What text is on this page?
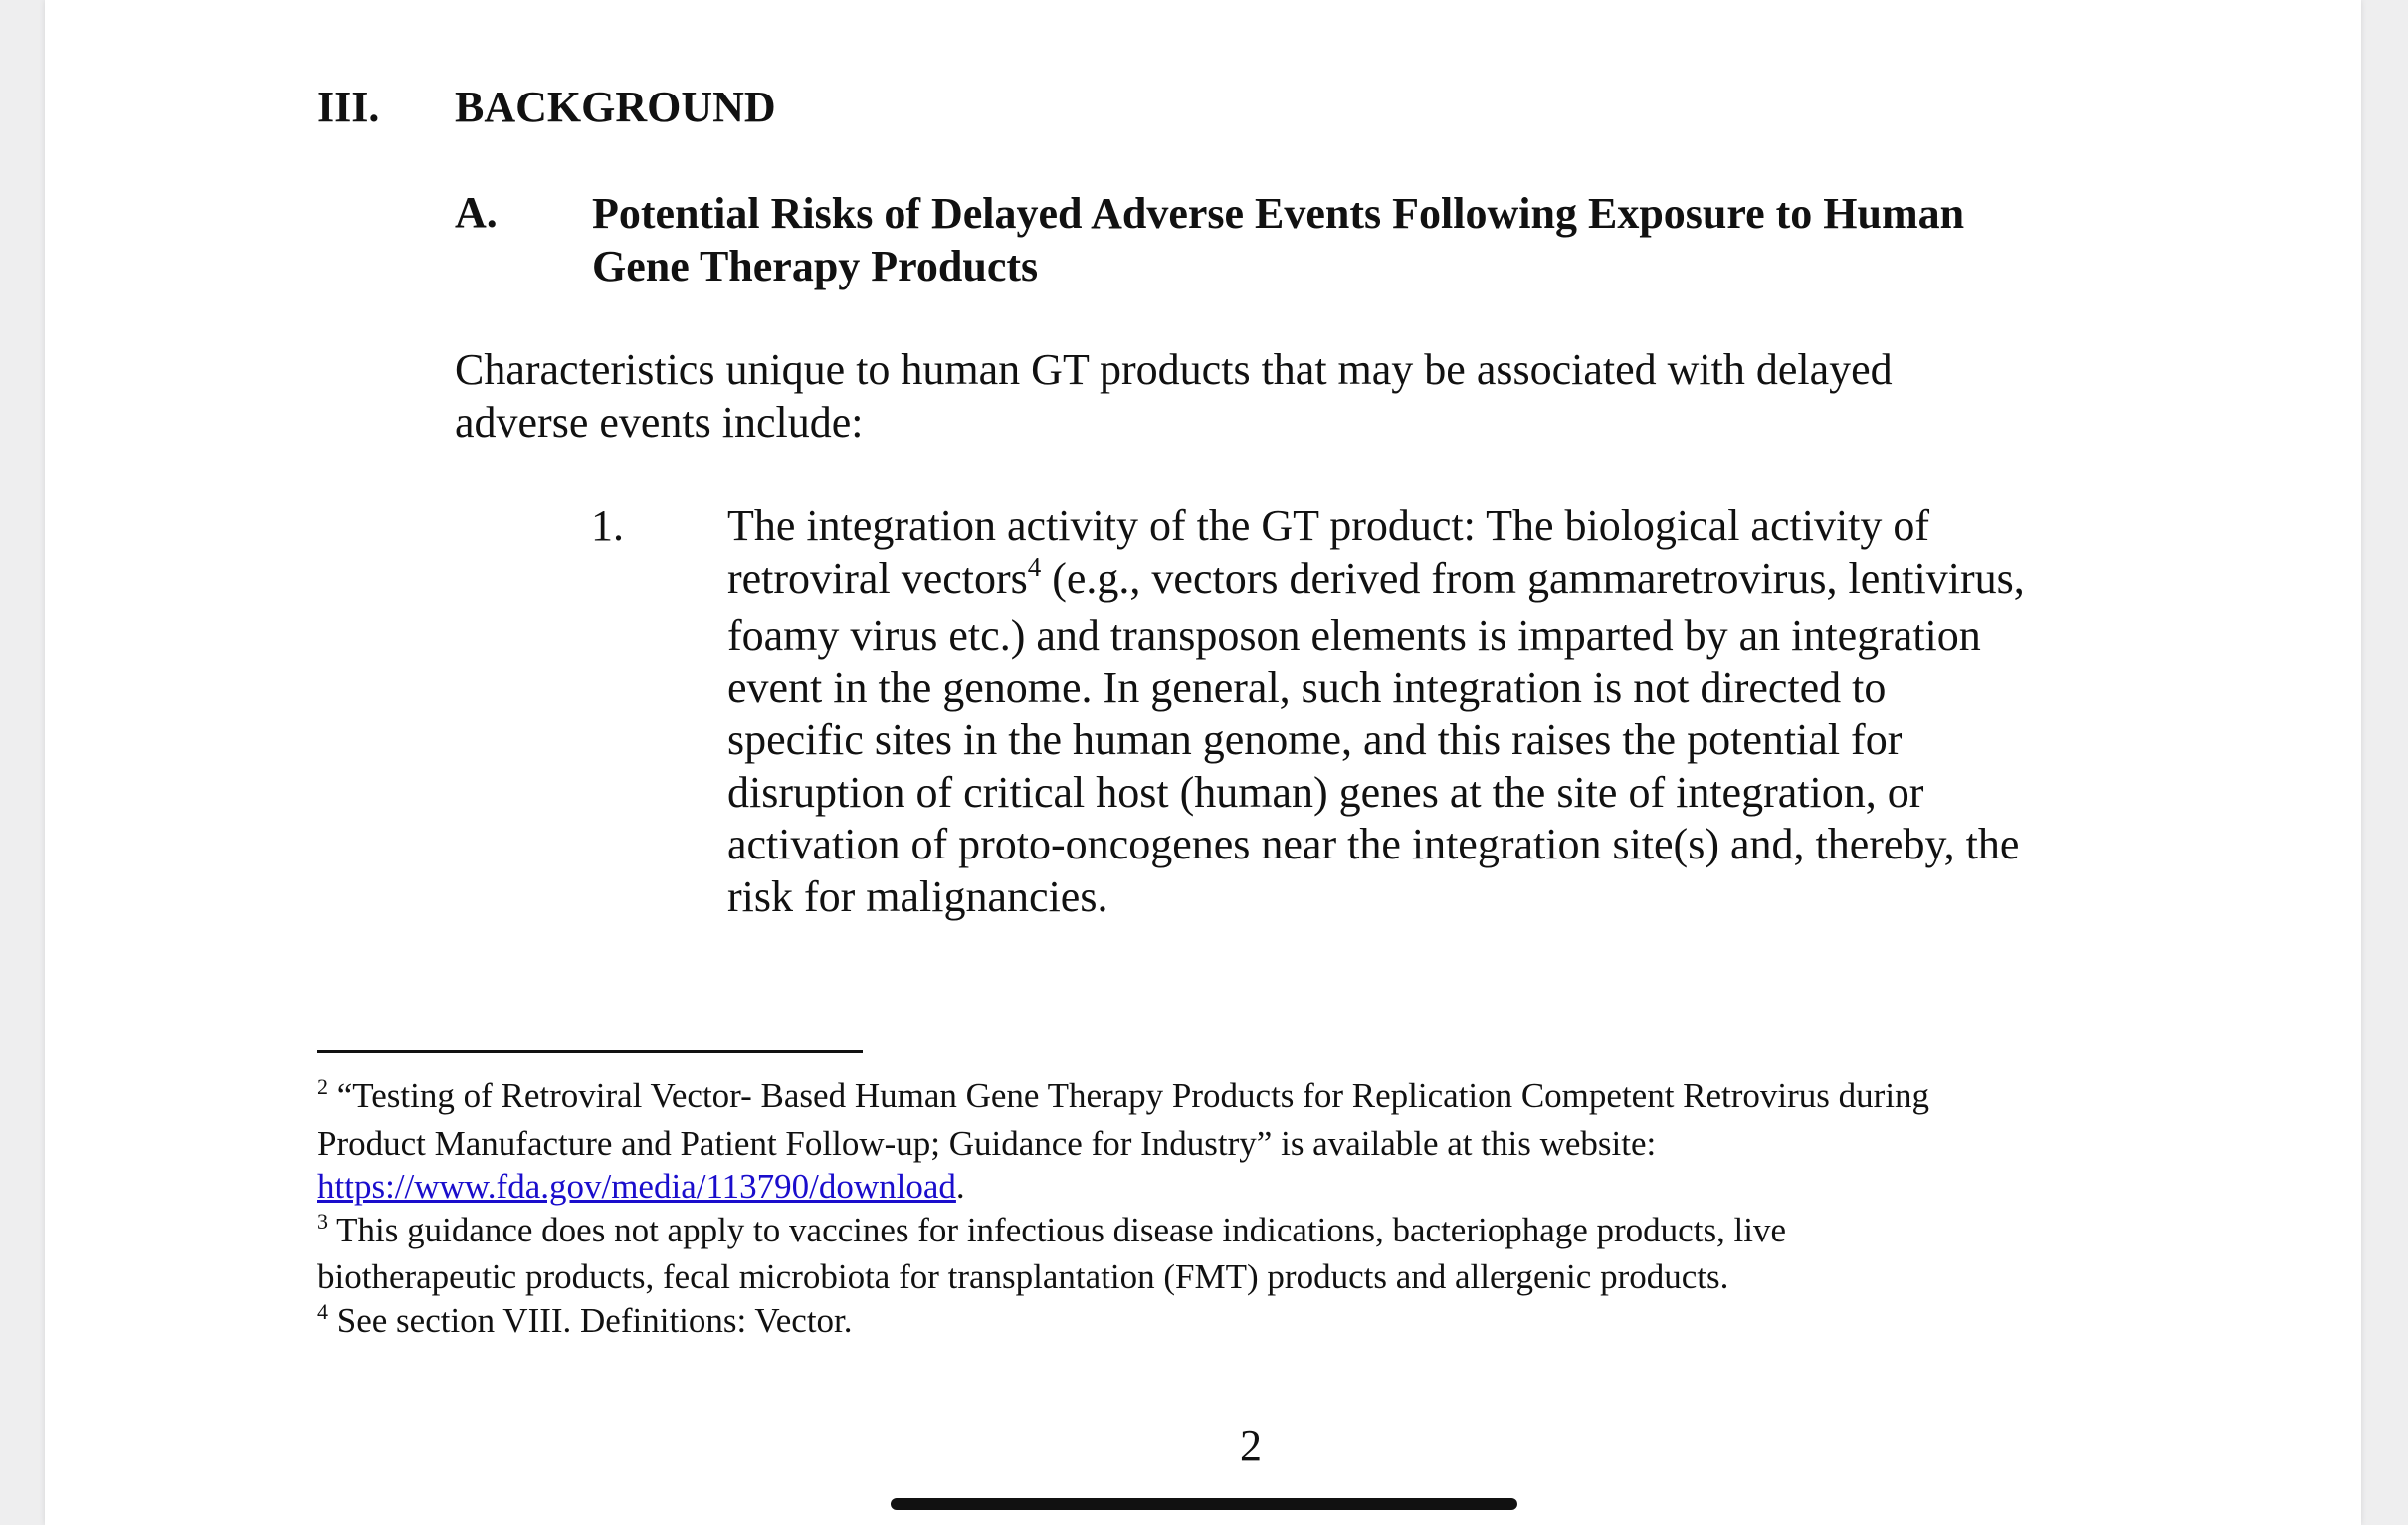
III. BACKGROUND
A. Potential Risks of Delayed Adverse Events Following Exposure to Human
Gene Therapy Products
Characteristics unique to human GT products that may be associated with delayed
adverse events include:
1. The integration activity of the GT product: The biological activity of
retroviral vectors$^4$ (e.g., vectors derived from gammaretrovirus, lentivirus,
foamy virus etc.) and transposon elements is imparted by an integration
event in the genome. In general, such integration is not directed to
specific sites in the human genome, and this raises the potential for
disruption of critical host (human) genes at the site of integration, or
activation of proto-oncogenes near the integration site(s) and, thereby, the
risk for malignancies.
$^2$ “Testing of Retroviral Vector- Based Human Gene Therapy Products for Replication Competent Retrovirus during
Product Manufacture and Patient Follow-up; Guidance for Industry” is available at this website:
https://www.fda.gov/media/113790/download.
$^3$ This guidance does not apply to vaccines for infectious disease indications, bacteriophage products, live
biotherapeutic products, fecal microbiota for transplantation (FMT) products and allergenic products.
$^4$ See section VIII. Definitions: Vector.
2
